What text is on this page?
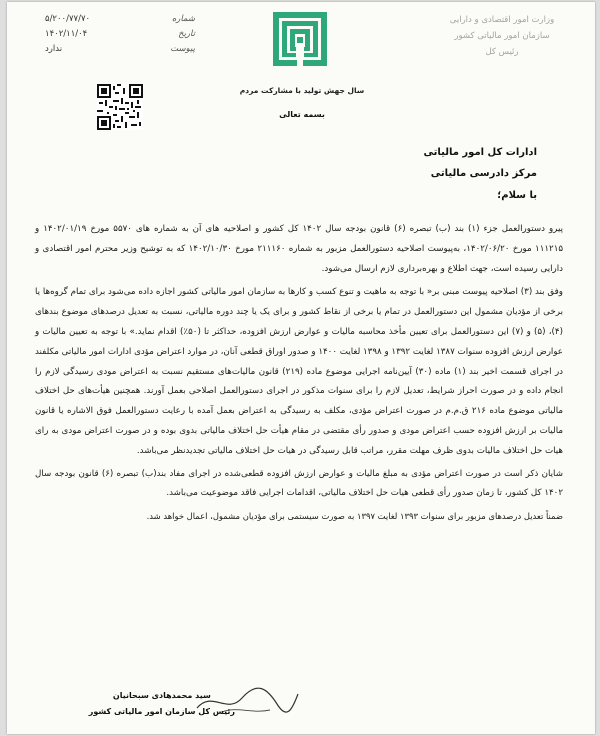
وزارت امور اقتصادی و دارایی
سازمان امور مالیاتی کشور
رئیس کل
شماره
۵/۲۰۰/۷۷/۷۰
تاریخ
۱۴۰۲/۱۱/۰۴
پیوست
ندارد
سال جهش تولید با مشارکت مردم
بسمه تعالی
ادارات کل امور مالیاتی
مرکز دادرسی مالیاتی
با سلام؛

پیرو دستورالعمل جزء (۱) بند (ب) تبصره (۶) قانون بودجه سال ۱۴۰۲ کل کشور و اصلاحیه های آن به شماره های ۵۵۷۰ مورخ ۱۴۰۲/۰۱/۱۹ و ۱۱۱۲۱۵ مورخ ۱۴۰۲/۰۶/۲۰، به‌پیوست اصلاحیه دستورالعمل مزبور به شماره ۲۱۱۱۶۰ مورخ ۱۴۰۲/۱۰/۳۰ که به توشیح وزیر محترم امور اقتصادی و دارایی رسیده است، جهت اطلاع و بهره‌برداری لازم ارسال می‌شود.

وفق بند (۳) اصلاحیه پیوست مبنی بر« با توجه به ماهیت و تنوع کسب و کارها به سازمان امور مالیاتی کشور اجازه داده می‌شود برای تمام گروه‌ها یا برخی از مؤدیان مشمول این دستورالعمل در تمام یا برخی از نقاط کشور و برای یک یا چند دوره مالیاتی، نسبت به تعدیل درصدهای موضوع بندهای (۴)، (۵) و (۷) این دستورالعمل برای تعیین مأخذ محاسبه مالیات و عوارض ارزش افزوده، حداکثر تا (۵۰٪) اقدام نماید.» با توجه به تعیین مالیات و عوارض ارزش افزوده سنوات ۱۳۸۷ لغایت ۱۳۹۲ و ۱۳۹۸ لغایت ۱۴۰۰ و صدور اوراق قطعی آنان، در موارد اعتراض مؤدی ادارات امور مالیاتی مکلفند در اجرای قسمت اخیر بند (۱) ماده (۳۰) آیین‌نامه اجرایی موضوع ماده (۲۱۹) قانون مالیات‌های مستقیم نسبت به اعتراض مودی رسیدگی لازم را انجام داده و در صورت احراز شرایط، تعدیل لازم را برای سنوات مذکور در اجرای دستورالعمل اصلاحی بعمل آورند. همچنین هیأت‌های حل اختلاف مالیاتی موضوع ماده ۲۱۶ ق.م.م در صورت اعتراض مؤدی، مکلف به رسیدگی به اعتراض بعمل آمده با رعایت دستورالعمل فوق الاشاره یا قانون مالیات بر ارزش افزوده حسب اعتراض مودی و صدور رأی مقتضی در مقام هیأت حل اختلاف مالیاتی بدوی بوده و در صورت اعتراض مودی به رای هیات حل اختلاف مالیات بدوی ظرف مهلت مقرر، مراتب قابل رسیدگی در هیات حل اختلاف مالیاتی تجدیدنظر می‌باشد.

شایان ذکر است در صورت اعتراض مؤدی به مبلغ مالیات و عوارض ارزش افزوده قطعی‌شده در اجرای مفاد بند(ب) تبصره (۶) قانون بودجه سال ۱۴۰۲ کل کشور، تا زمان صدور رأی قطعی هیات حل اختلاف مالیاتی، اقدامات اجرایی فاقد موضوعیت می‌باشد.

ضمناً تعدیل درصدهای مزبور برای سنوات ۱۳۹۳ لغایت ۱۳۹۷ به صورت سیستمی برای مؤدیان مشمول، اعمال خواهد شد.

سید محمدهادی سبحانیان
رئیس کل سازمان امور مالیاتی کشور
